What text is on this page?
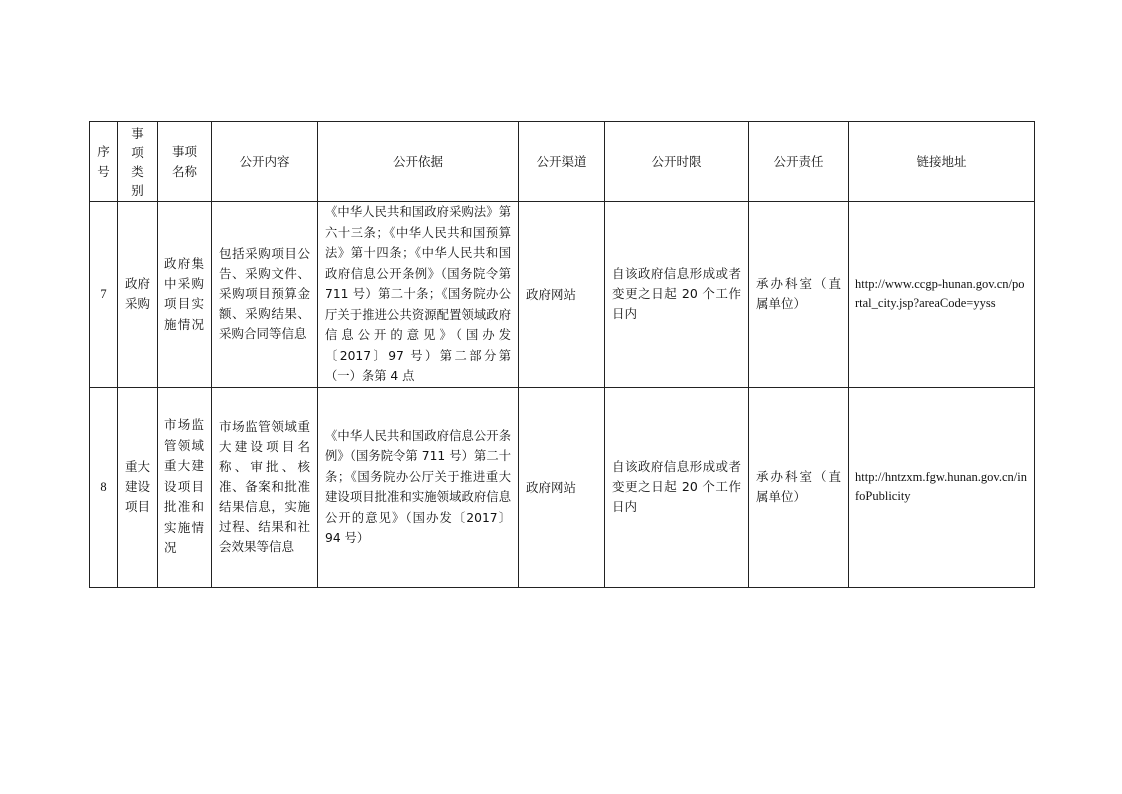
序号	事项类别	事项名称	公开内容	公开依据	公开渠道	公开时限	公开责任	链接地址
7	政府采购	政府集中采购项目实施情况	包括采购项目公告、采购文件、采购项目预算金额、采购结果、采购合同等信息	《中华人民共和国政府采购法》第六十三条；《中华人民共和国预算法》第十四条；《中华人民共和国政府信息公开条例》（国务院令第 711 号）第二十条；《国务院办公厅关于推进公共资源配置领域政府信息公开的意见》（国办发〔2017〕97 号）第二部分第（一）条第 4 点	政府网站	自该政府信息形成或者变更之日起 20 个工作日内	承办科室（直属单位）	http://www.ccgp-hunan.gov.cn/portal_city.jsp?areaCode=yyss
8	重大建设项目	市场监管领域重大建设项目批准和实施情况	市场监管领域重大建设项目名称、审批、核准、备案和批准结果信息，实施过程、结果和社会效果等信息	《中华人民共和国政府信息公开条例》（国务院令第 711 号）第二十条；《国务院办公厅关于推进重大建设项目批准和实施领域政府信息公开的意见》（国办发〔2017〕94 号）	政府网站	自该政府信息形成或者变更之日起 20 个工作日内	承办科室（直属单位）	http://hntzxm.fgw.hunan.gov.cn/infoPublicity
